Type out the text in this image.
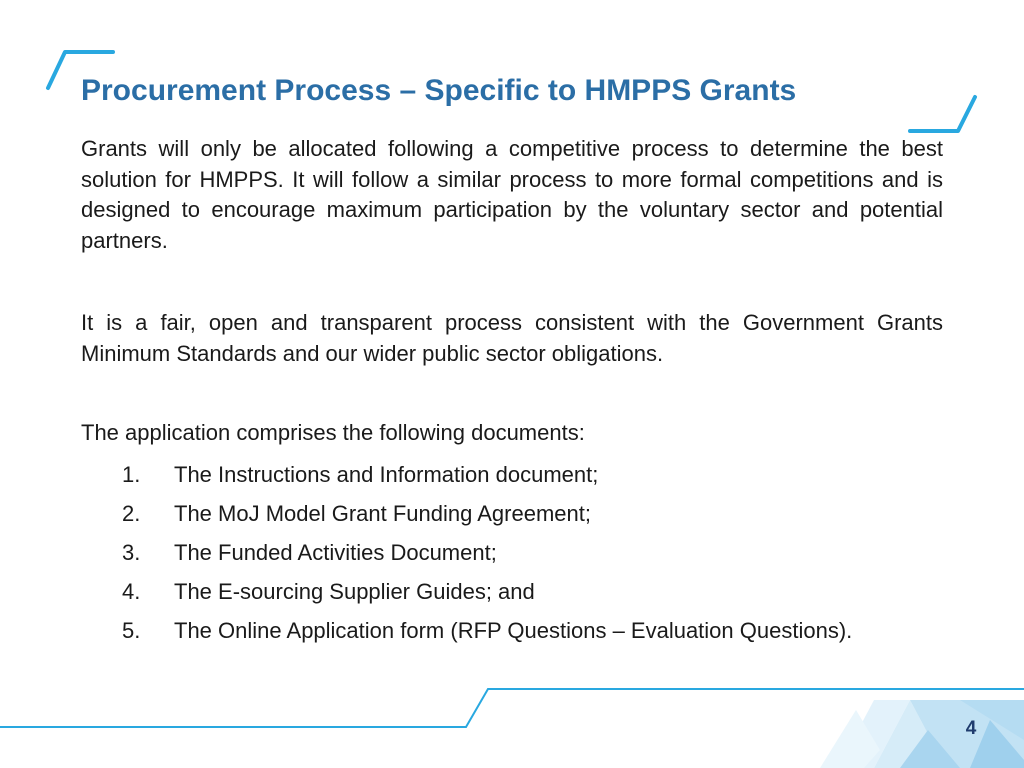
Procurement Process – Specific to HMPPS Grants
Grants will only be allocated following a competitive process to determine the best solution for HMPPS. It will follow a similar process to more formal competitions and is designed to encourage maximum participation by the voluntary sector and potential partners.
It is a fair, open and transparent process consistent with the Government Grants Minimum Standards and our wider public sector obligations.
The application comprises the following documents:
1. The Instructions and Information document;
2. The MoJ Model Grant Funding Agreement;
3. The Funded Activities Document;
4. The E-sourcing Supplier Guides; and
5. The Online Application form (RFP Questions – Evaluation Questions).
4
